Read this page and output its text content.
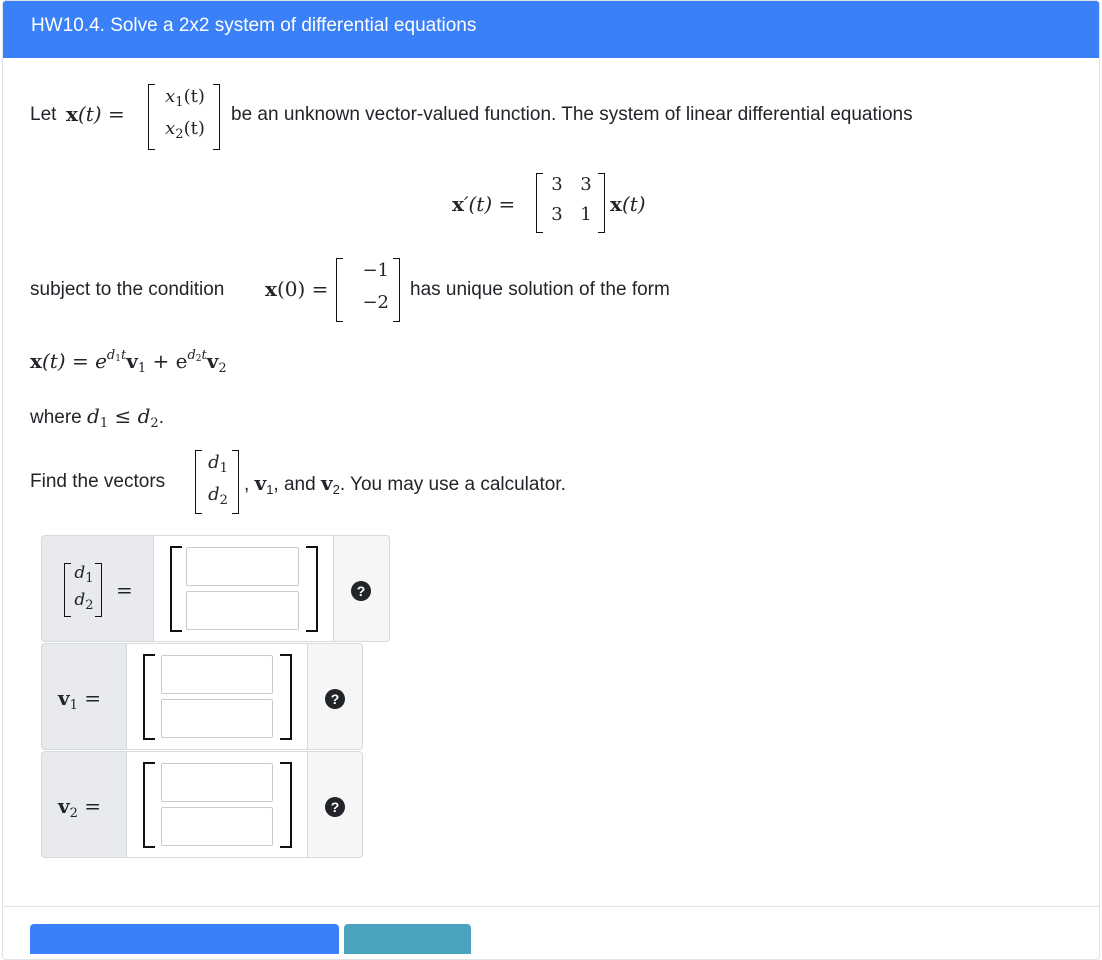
HW10.4. Solve a 2x2 system of differential equations
Let x(t) =
$x_1(t)$
$x_2(t)$
be an unknown vector-valued function. The system of linear differential equations
x′(t) =
3 3
3 1 x(t)
subject to the condition x(0) =
−1
−2
has unique solution of the form
$x(t) = e^{d1t}v_1 + e^{d2t}v_2$
where $d_1 \le d_2$.
Find the vectors
$d_1$
$d_2$
, $v_1$, and $v_2$. You may use a calculator.
$d_1$
$d_2$
=	?
$v_1$ =	?
$v_2$ =	?
